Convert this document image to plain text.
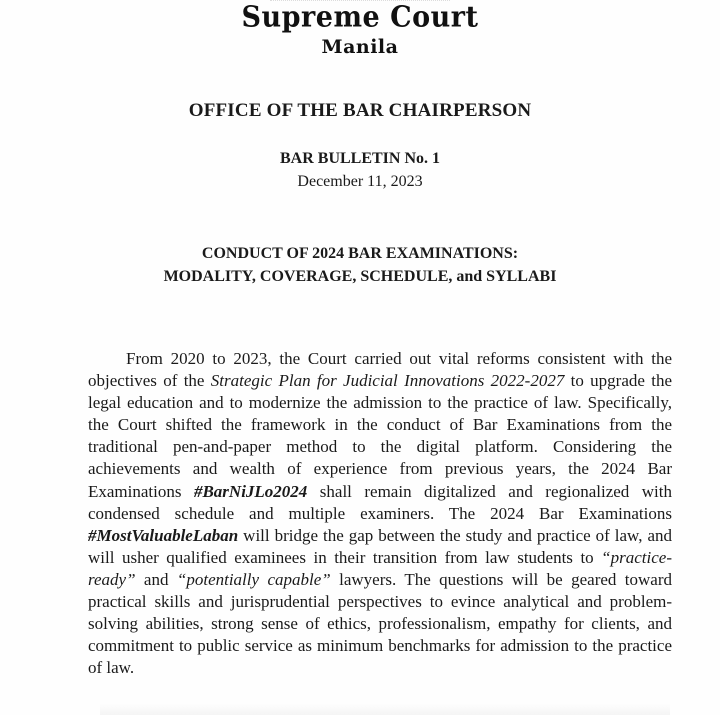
Supreme Court
Manila
OFFICE OF THE BAR CHAIRPERSON
BAR BULLETIN No. 1
December 11, 2023
CONDUCT OF 2024 BAR EXAMINATIONS:
MODALITY, COVERAGE, SCHEDULE, and SYLLABI

From 2020 to 2023, the Court carried out vital reforms consistent with the objectives of the Strategic Plan for Judicial Innovations 2022-2027 to upgrade the legal education and to modernize the admission to the practice of law. Specifically, the Court shifted the framework in the conduct of Bar Examinations from the traditional pen-and-paper method to the digital platform. Considering the achievements and wealth of experience from previous years, the 2024 Bar Examinations #BarNiJLo2024 shall remain digitalized and regionalized with condensed schedule and multiple examiners. The 2024 Bar Examinations #MostValuableLaban will bridge the gap between the study and practice of law, and will usher qualified examinees in their transition from law students to “practice-ready” and “potentially capable” lawyers. The questions will be geared toward practical skills and jurisprudential perspectives to evince analytical and problem-solving abilities, strong sense of ethics, professionalism, empathy for clients, and commitment to public service as minimum benchmarks for admission to the practice of law.
